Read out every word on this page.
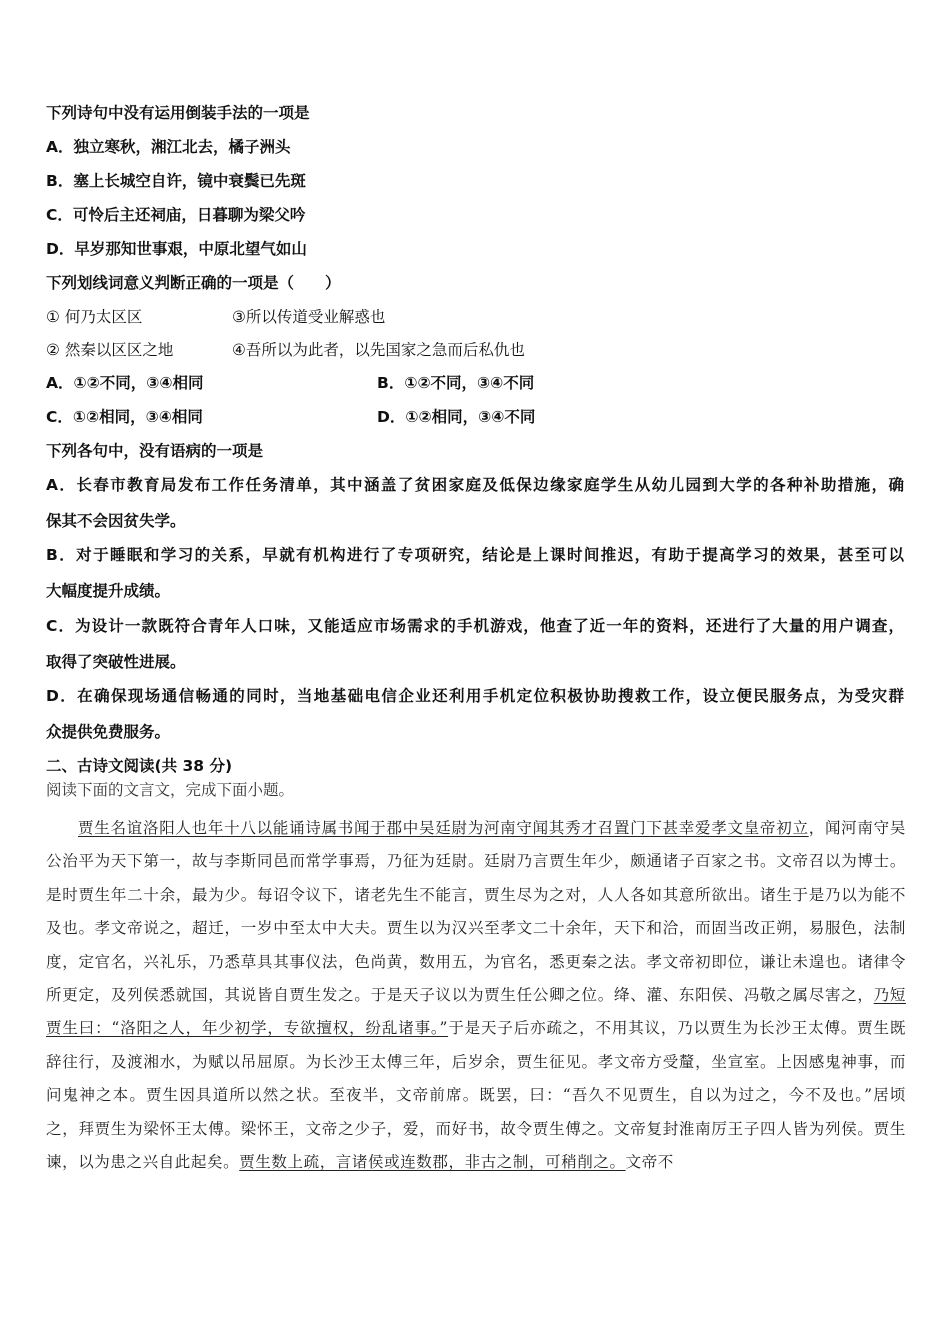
下列诗句中没有运用倒装手法的一项是
A．独立寒秋，湘江北去，橘子洲头
B．塞上长城空自许，镜中衰鬓已先斑
C．可怜后主还祠庙，日暮聊为梁父吟
D．早岁那知世事艰，中原北望气如山
下列划线词意义判断正确的一项是（　　）
① 何乃太区区	③所以传道受业解惑也
② 然秦以区区之地	④吾所以为此者，以先国家之急而后私仇也
A．①②不同，③④相同	B．①②不同，③④不同
C．①②相同，③④相同	D．①②相同，③④不同
下列各句中，没有语病的一项是
A．长春市教育局发布工作任务清单，其中涵盖了贫困家庭及低保边缘家庭学生从幼儿园到大学的各种补助措施，确
保其不会因贫失学。
B．对于睡眠和学习的关系，早就有机构进行了专项研究，结论是上课时间推迟，有助于提高学习的效果，甚至可以
大幅度提升成绩。
C．为设计一款既符合青年人口味，又能适应市场需求的手机游戏，他查了近一年的资料，还进行了大量的用户调查，
取得了突破性进展。
D．在确保现场通信畅通的同时，当地基础电信企业还利用手机定位积极协助搜救工作，设立便民服务点，为受灾群
众提供免费服务。
二、古诗文阅读(共 38 分)
阅读下面的文言文，完成下面小题。
贾生名谊洛阳人也年十八以能诵诗属书闻于郡中吴廷尉为河南守闻其秀才召置门下甚幸爱孝文皇帝初立，闻河南守吴公治平为天下第一，故与李斯同邑而常学事焉，乃征为廷尉。廷尉乃言贾生年少，颇通诸子百家之书。文帝召以为博士。是时贾生年二十余，最为少。每诏令议下，诸老先生不能言，贾生尽为之对，人人各如其意所欲出。诸生于是乃以为能不及也。孝文帝说之，超迁，一岁中至太中大夫。贾生以为汉兴至孝文二十余年，天下和洽，而固当改正朔，易服色，法制度，定官名，兴礼乐，乃悉草具其事仪法，色尚黄，数用五，为官名，悉更秦之法。孝文帝初即位，谦让未遑也。诸律令所更定，及列侯悉就国，其说皆自贾生发之。于是天子议以为贾生任公卿之位。绛、灌、东阳侯、冯敬之属尽害之，乃短贾生曰：“洛阳之人，年少初学，专欲擅权，纷乱诸事。”于是天子后亦疏之，不用其议，乃以贾生为长沙王太傅。贾生既辞往行，及渡湘水，为赋以吊屈原。为长沙王太傅三年，后岁余，贾生征见。孝文帝方受釐，坐宣室。上因感鬼神事，而问鬼神之本。贾生因具道所以然之状。至夜半，文帝前席。既罢，曰：“吾久不见贾生，自以为过之，今不及也。”居顷之，拜贾生为梁怀王太傅。梁怀王，文帝之少子，爱，而好书，故令贾生傅之。文帝复封淮南厉王子四人皆为列侯。贾生谏，以为患之兴自此起矣。贾生数上疏，言诸侯或连数郡，非古之制，可稍削之。文帝不
